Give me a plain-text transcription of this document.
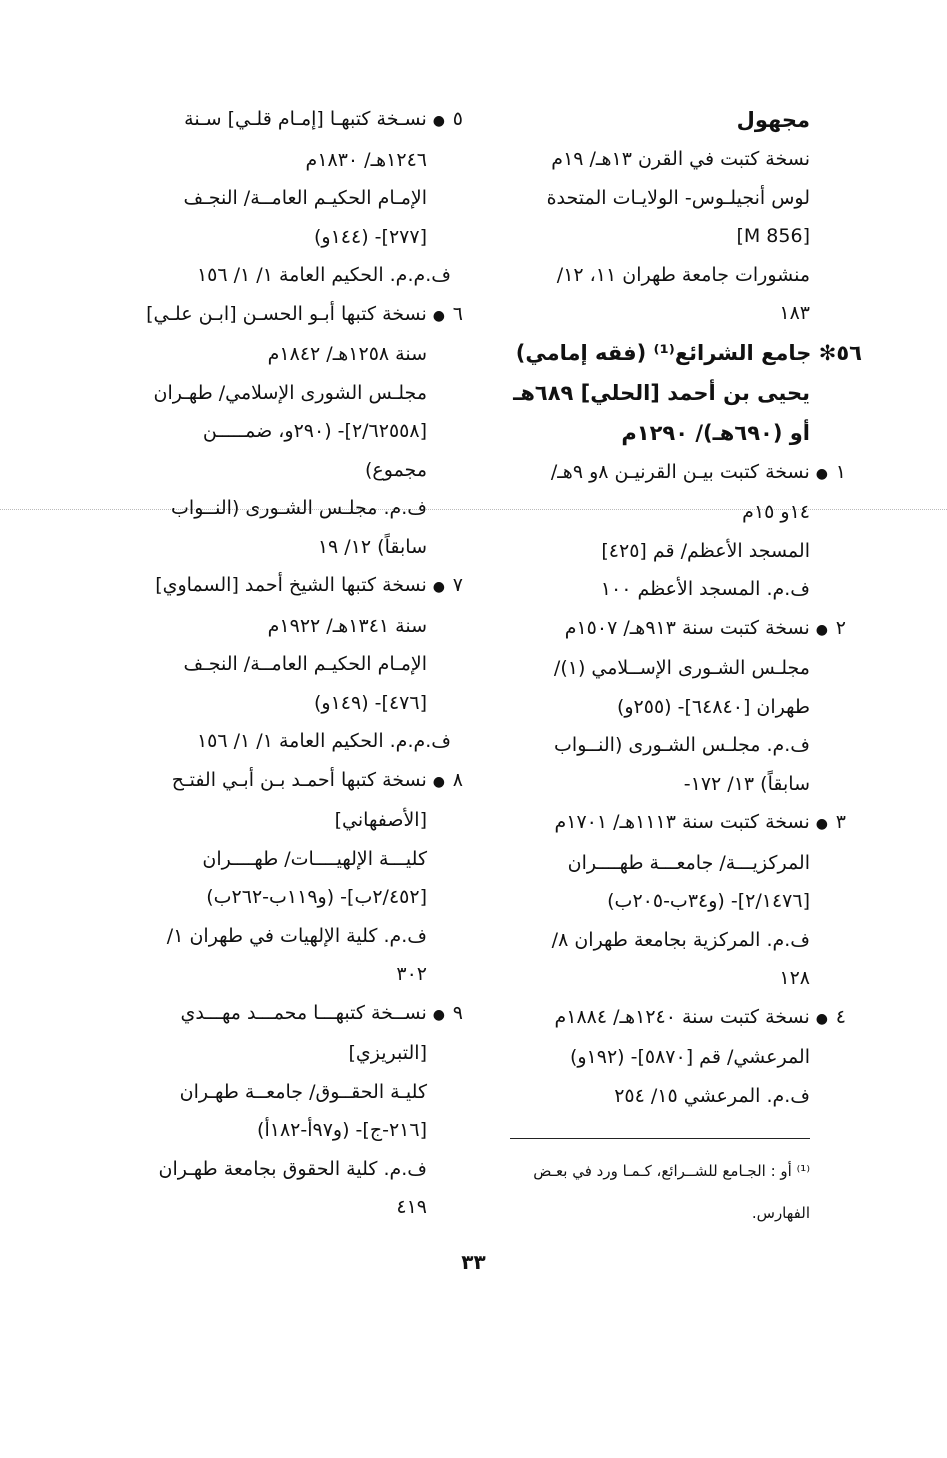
مجهول
نسخة كتبت في القرن ١٣هـ/ ١٩م
لوس أنجيلـوس- الولايـات المتحدة
[M 856]
منشورات جامعة طهران ١١، ١٢/
١٨٣
٥٦✻ جامع الشرائع⁽¹⁾ (فقه إمامي)
يحيى بن أحمد [الحلي] ٦٨٩هـ
أو (٦٩٠هـ)/ ١٢٩٠م
١●نسخة كتبت بيـن القرنيـن ٨و ٩هـ/
١٤و ١٥م
المسجد الأعظم/ قم [٤٢٥]
ف.م. المسجد الأعظم ١٠٠
٢●نسخة كتبت سنة ٩١٣هـ/ ١٥٠٧م
مجلـس الشـورى الإســلامي (١)/
طهران [٦٤٨٤٠]- (٢٥٥و)
ف.م. مجلـس الشـورى (النــواب
سابقاً) ١٣/ ١٧٢-
٣●نسخة كتبت سنة ١١١٣هـ/ ١٧٠١م
المركزيـــة/ جامعـــة طهــــران
[٢/١٤٧٦]- (و٣٤ب-٢٠٥ب)
ف.م. المركزية بجامعة طهران ٨/
١٢٨
٤●نسخة كتبت سنة ١٢٤٠هـ/ ١٨٨٤م
المرعشي/ قم [٥٨٧٠]- (١٩٢و)
ف.م. المرعشي ١٥/ ٢٥٤
٥●نسـخة كتبهـا [إمـام قلـي] سـنة
١٢٤٦هـ/ ١٨٣٠م
الإمـام الحكيـم العامــة/ النجـف
[٢٧٧]- (١٤٤و)
ف.م.م. الحكيم العامة ١/ ١/ ١٥٦
٦●نسخة كتبها أبـو الحسـن [ابـن علـي]
سنة ١٢٥٨هـ/ ١٨٤٢م
مجلـس الشورى الإسلامي/ طهـران
[٢/٦٢٥٥٨]- (٢٩٠و، ضمـــــن
مجموع)
ف.م. مجلـس الشـورى (النــواب
سابقاً) ١٢/ ١٩
٧●نسخة كتبها الشيخ أحمد [السماوي]
سنة ١٣٤١هـ/ ١٩٢٢م
الإمـام الحكيـم العامــة/ النجـف
[٤٧٦]- (١٤٩و)
ف.م.م. الحكيم العامة ١/ ١/ ١٥٦
٨●نسخة كتبها أحمـد بـن أبـي الفتـح
[الأصفهاني]
كليـــة الإلهيــــات/ طهــــران
[٢/٤٥٢ب]- (و١١٩ب-٢٦٢ب)
ف.م. كلية الإلهيات في طهران ١/
٣٠٢
٩●نســخة كتبهـــا محمـــد مهـــدي
[التبريزي]
كليـة الحقــوق/ جامعــة طهـران
[٢١٦-ج]- (و٩٧أ-١٨٢أ)
ف.م. كلية الحقوق بجامعة طهـران
٤١٩
⁽¹⁾ أو : الجـامع للشــرائع، كـمـا ورد في بعـض
الفهارس.
٣٣
